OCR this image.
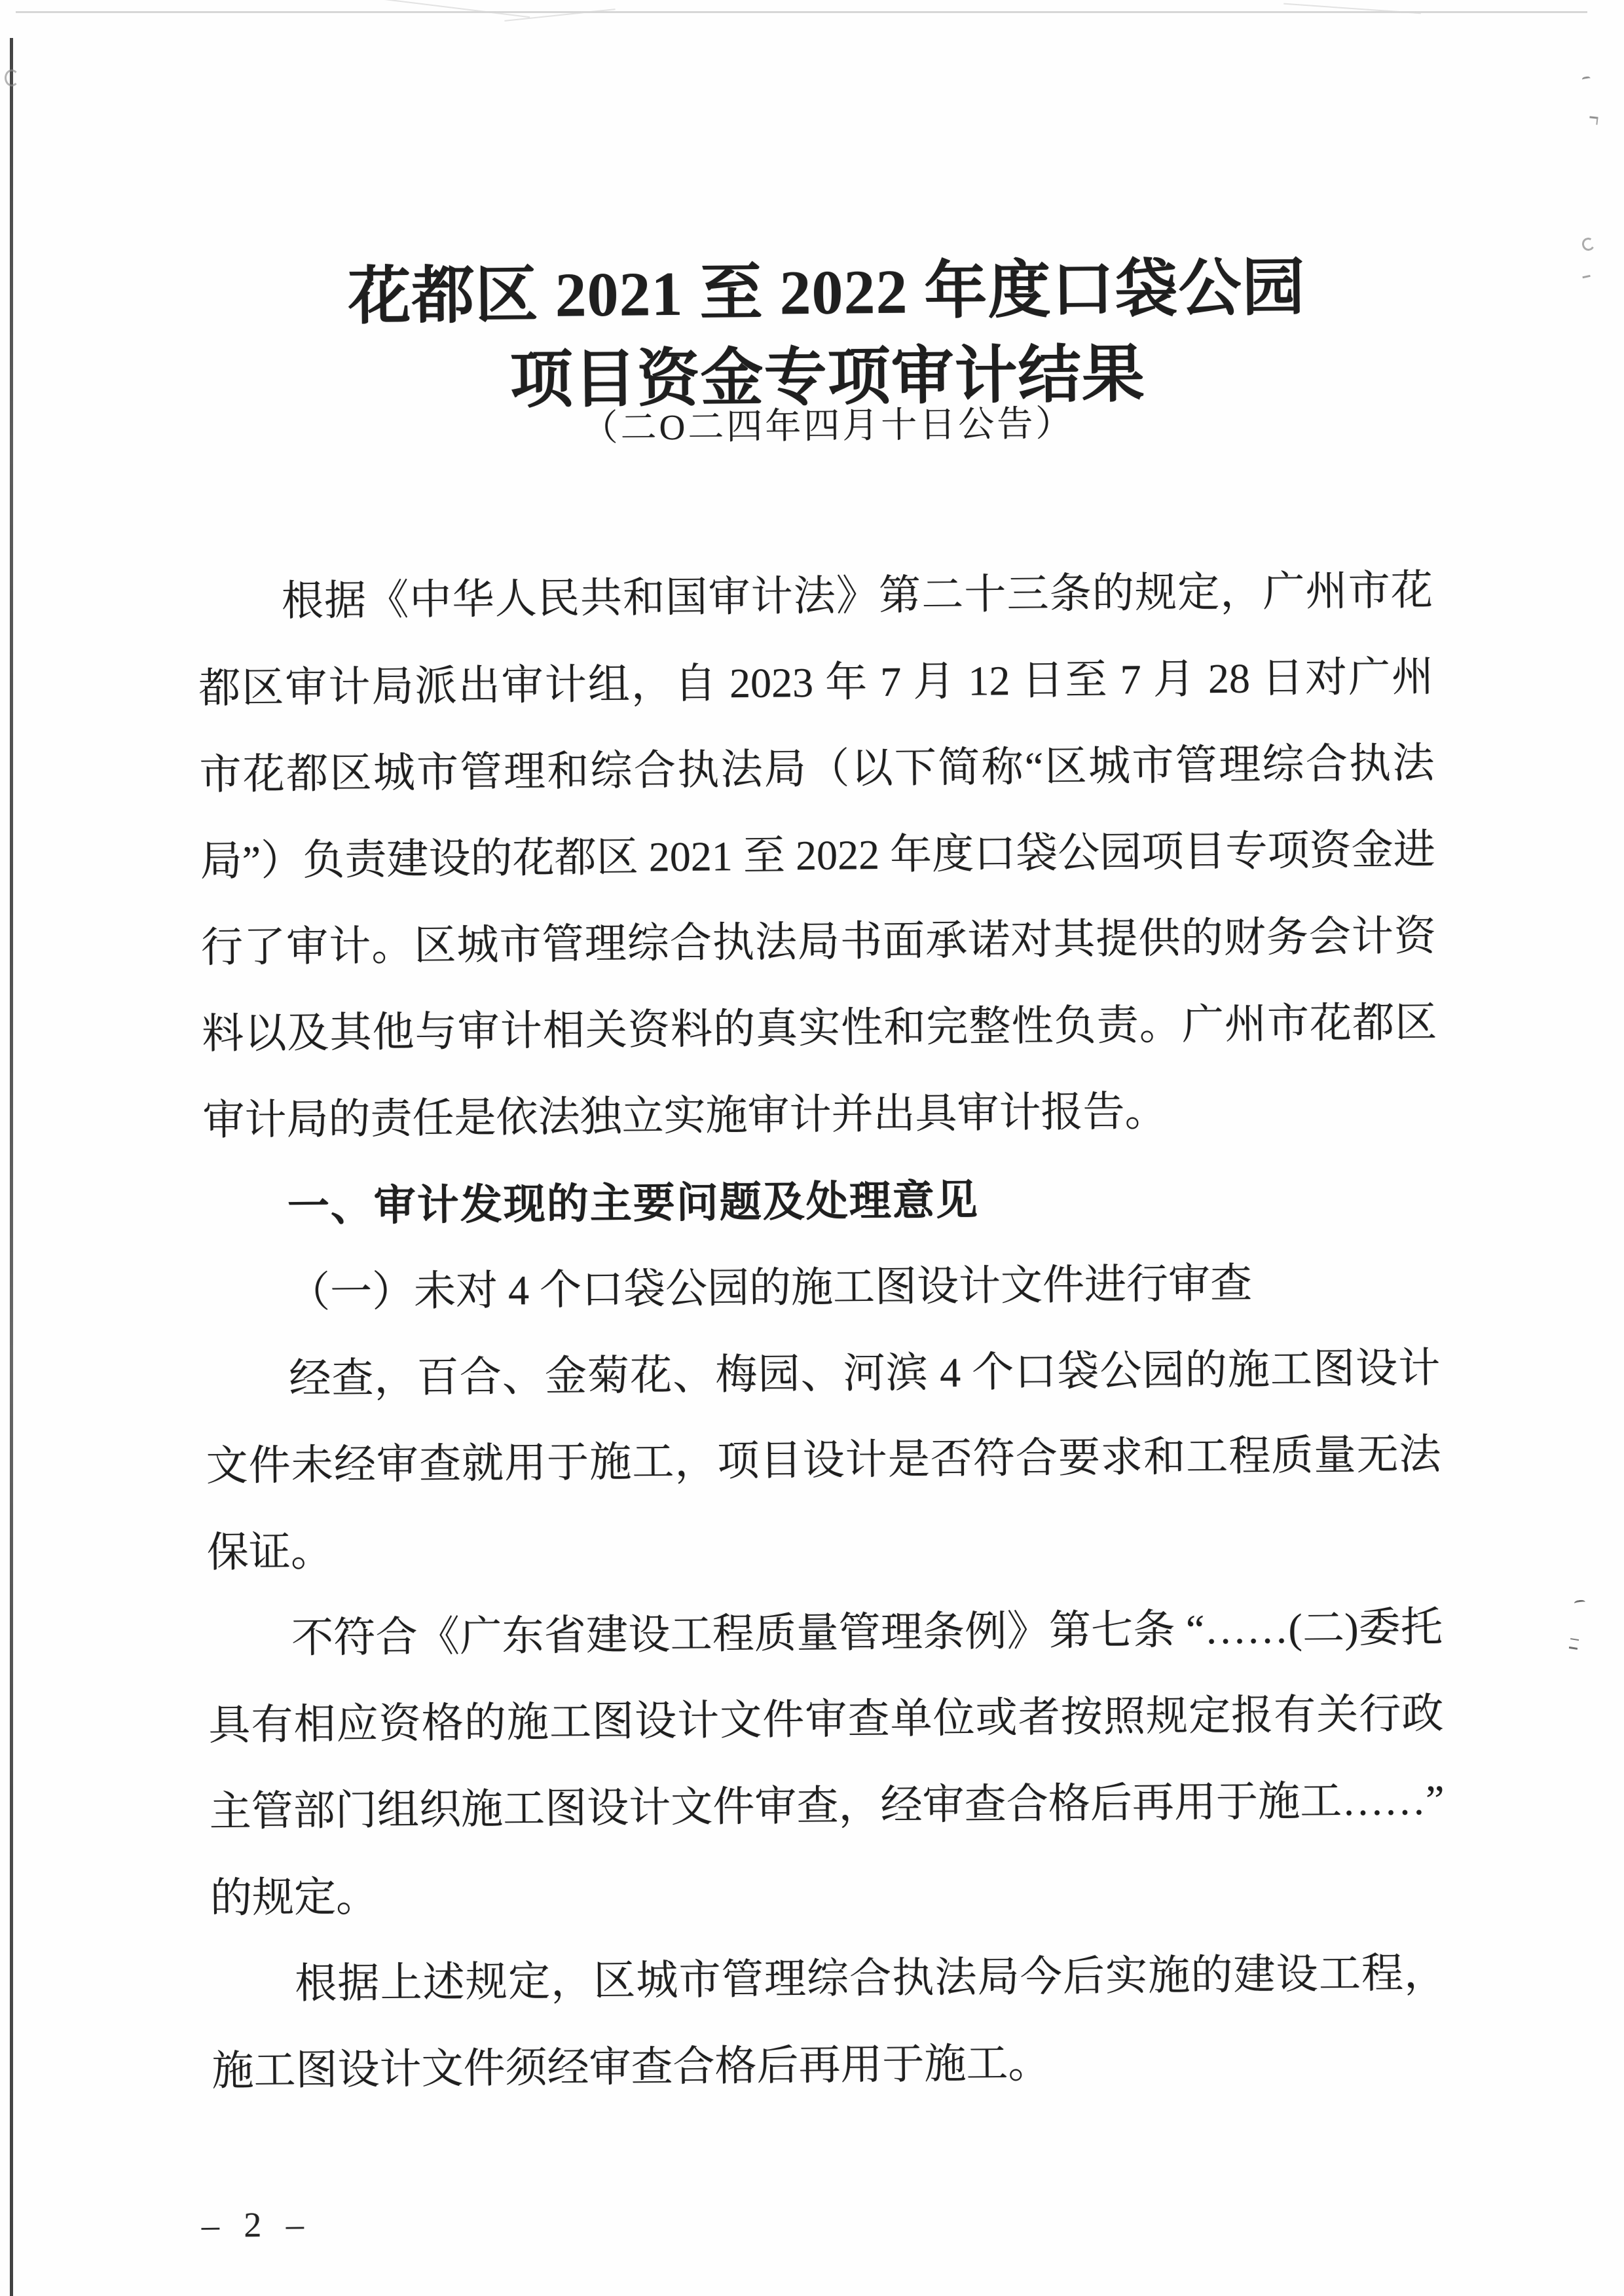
花都区 2021 至 2022 年度口袋公园
项目资金专项审计结果
（二O二四年四月十日公告）

根据《中华人民共和国审计法》第二十三条的规定，广州市花都区审计局派出审计组，自 2023 年 7 月 12 日至 7 月 28 日对广州市花都区城市管理和综合执法局（以下简称“区城市管理综合执法局”）负责建设的花都区 2021 至 2022 年度口袋公园项目专项资金进行了审计。区城市管理综合执法局书面承诺对其提供的财务会计资料以及其他与审计相关资料的真实性和完整性负责。广州市花都区审计局的责任是依法独立实施审计并出具审计报告。

一、审计发现的主要问题及处理意见

（一）未对 4 个口袋公园的施工图设计文件进行审查

经查，百合、金菊花、梅园、河滨 4 个口袋公园的施工图设计文件未经审查就用于施工，项目设计是否符合要求和工程质量无法保证。

不符合《广东省建设工程质量管理条例》第七条 “……(二)委托具有相应资格的施工图设计文件审查单位或者按照规定报有关行政主管部门组织施工图设计文件审查，经审查合格后再用于施工……” 的规定。

根据上述规定，区城市管理综合执法局今后实施的建设工程，施工图设计文件须经审查合格后再用于施工。

– 2 –
